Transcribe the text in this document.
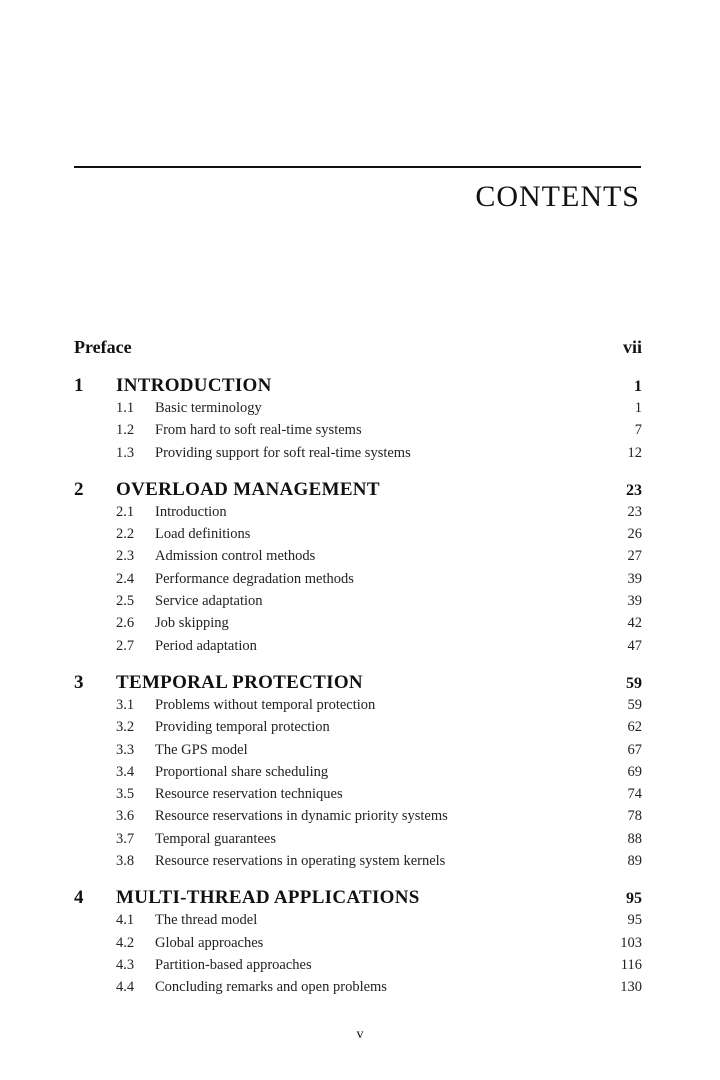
CONTENTS
Preface	vii
1	INTRODUCTION	1
1.1	Basic terminology	1
1.2	From hard to soft real-time systems	7
1.3	Providing support for soft real-time systems	12
2	OVERLOAD MANAGEMENT	23
2.1	Introduction	23
2.2	Load definitions	26
2.3	Admission control methods	27
2.4	Performance degradation methods	39
2.5	Service adaptation	39
2.6	Job skipping	42
2.7	Period adaptation	47
3	TEMPORAL PROTECTION	59
3.1	Problems without temporal protection	59
3.2	Providing temporal protection	62
3.3	The GPS model	67
3.4	Proportional share scheduling	69
3.5	Resource reservation techniques	74
3.6	Resource reservations in dynamic priority systems	78
3.7	Temporal guarantees	88
3.8	Resource reservations in operating system kernels	89
4	MULTI-THREAD APPLICATIONS	95
4.1	The thread model	95
4.2	Global approaches	103
4.3	Partition-based approaches	116
4.4	Concluding remarks and open problems	130
v
